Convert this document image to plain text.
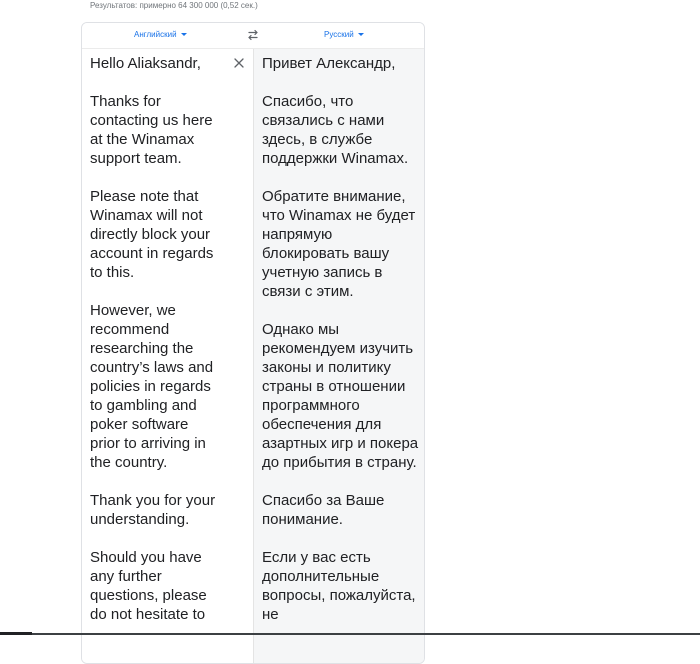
Результатов: примерно 64 300 000 (0,52 сек.)
Английский	Русский

Hello Aliaksandr,

Thanks for contacting us here at the Winamax support team.

Please note that Winamax will not directly block your account in regards to this.

However, we recommend researching the country’s laws and policies in regards to gambling and poker software prior to arriving in the country.

Thank you for your understanding.

Should you have any further questions, please do not hesitate to

Привет Александр,

Спасибо, что связались с нами здесь, в службе поддержки Winamax.

Обратите внимание, что Winamax не будет напрямую блокировать вашу учетную запись в связи с этим.

Однако мы рекомендуем изучить законы и политику страны в отношении программного обеспечения для азартных игр и покера до прибытия в страну.

Спасибо за Ваше понимание.

Если у вас есть дополнительные вопросы, пожалуйста, не
